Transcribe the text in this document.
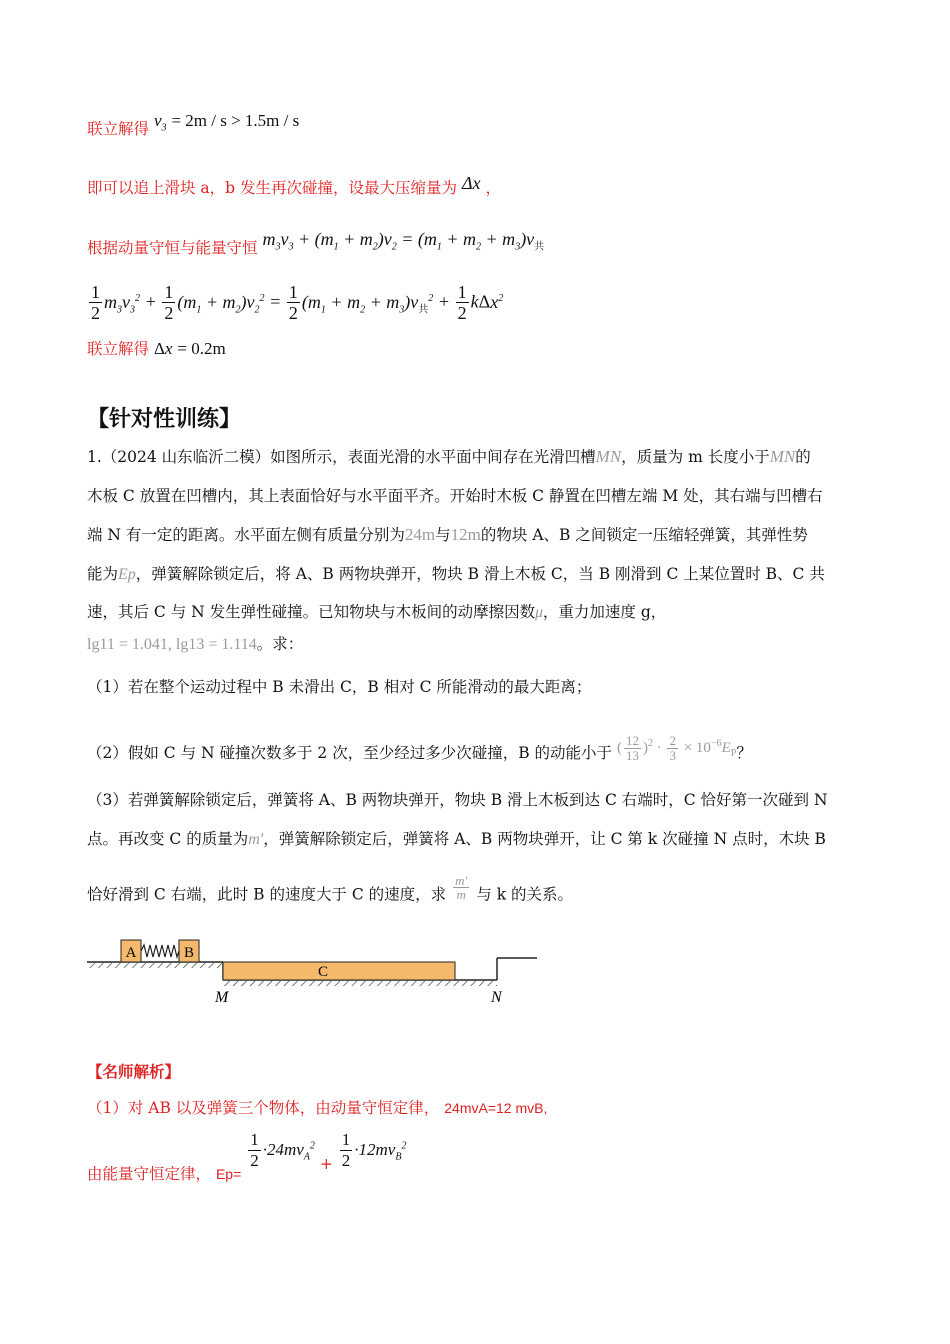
联立解得 $v_3 = 2m / s > 1.5m / s$
即可以追上滑块 a，b 发生再次碰撞，设最大压缩量为 Δx ，
根据动量守恒与能量守恒 $m_3v_3 + (m_1 + m_2)v_2 = (m_1 + m_2 + m_3)v_共$
$\frac{1}{2} m_3v_3^2 + \frac{1}{2} (m_1 + m_2)v_2^2 = \frac{1}{2} (m_1 + m_2 + m_3)v_共^2 + \frac{1}{2} k\Delta x^2$
联立解得 Δx = 0.2m
【针对性训练】
1.（2024 山东临沂二模）如图所示，表面光滑的水平面中间存在光滑凹槽MN，质量为 m 长度小于MN的
木板 C 放置在凹槽内，其上表面恰好与水平面平齐。开始时木板 C 静置在凹槽左端 M 处，其右端与凹槽右
端 N 有一定的距离。水平面左侧有质量分别为24m与12m的物块 A、B 之间锁定一压缩轻弹簧，其弹性势
能为Ep，弹簧解除锁定后，将 A、B 两物块弹开，物块 B 滑上木板 C，当 B 刚滑到 C 上某位置时 B、C 共
速，其后 C 与 N 发生弹性碰撞。已知物块与木板间的动摩擦因数μ，重力加速度 g，
lg11 = 1.041, lg13 = 1.114。求：
（1）若在整个运动过程中 B 未滑出 C，B 相对 C 所能滑动的最大距离；
（2）假如 C 与 N 碰撞次数多于 2 次，至少经过多少次碰撞，B 的动能小于 ( $\frac{12}{13} )^2 \cdot \frac{2}{3} \times 10^{-6}E_P$？
（3）若弹簧解除锁定后，弹簧将 A、B 两物块弹开，物块 B 滑上木板到达 C 右端时，C 恰好第一次碰到 N
点。再改变 C 的质量为m′，弹簧解除锁定后，弹簧将 A、B 两物块弹开，让 C 第 k 次碰撞 N 点时，木块 B
恰好滑到 C 右端，此时 B 的速度大于 C 的速度，求 $\frac{m'}{m}$ 与 k 的关系。
A	B
C
M	N
【名师解析】
（1）对 AB 以及弹簧三个物体，由动量守恒定律， 24mvA=12 mvB,
由能量守恒定律， Ep=
$\frac{1}{2} \cdot 24mv_A^2 + \frac{1}{2} \cdot 12mv_B^2$
